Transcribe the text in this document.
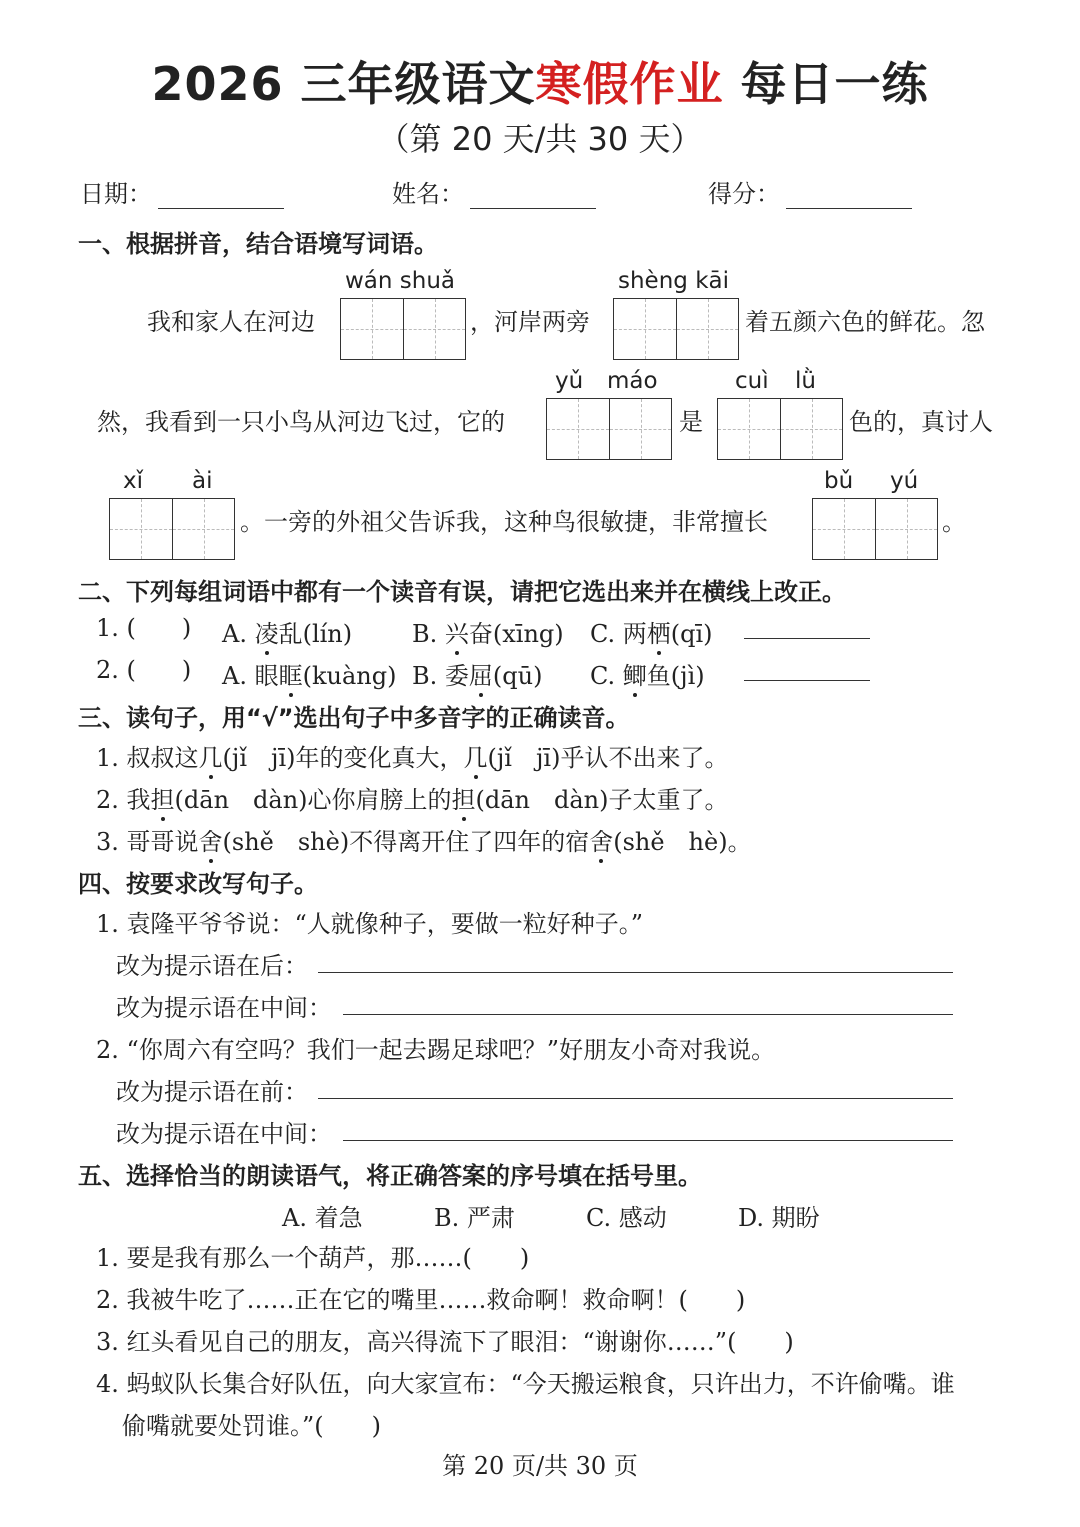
2026 三年级语文寒假作业 每日一练
（第 20 天/共 30 天）
日期：	姓名：	得分：
一、根据拼音，结合语境写词语。
wán shuǎ	shèng kāi
我和家人在河边	，河岸两旁	着五颜六色的鲜花。忽
yǔ máo	cuì lǜ
然，我看到一只小鸟从河边飞过，它的	是	色的，真讨人
xǐ ài	bǔ yú
。一旁的外祖父告诉我，这种鸟很敏捷，非常擅长	。
二、下列每组词语中都有一个读音有误，请把它选出来并在横线上改正。
1. ( ) A. 凌乱(lín) B. 兴奋(xīng) C. 两栖(qī)
2. ( ) A. 眼眶(kuàng) B. 委屈(qū) C. 鲫鱼(jì)
三、读句子，用“√”选出句子中多音字的正确读音。
1. 叔叔这几(jǐ　jī)年的变化真大，几(jǐ　jī)乎认不出来了。
2. 我担(dān　dàn)心你肩膀上的担(dān　dàn)子太重了。
3. 哥哥说舍(shě　shè)不得离开住了四年的宿舍(shě　hè)。
四、按要求改写句子。
1. 袁隆平爷爷说：“人就像种子，要做一粒好种子。”
改为提示语在后：
改为提示语在中间：
2. “你周六有空吗？我们一起去踢足球吧？”好朋友小奇对我说。
改为提示语在前：
改为提示语在中间：
五、选择恰当的朗读语气，将正确答案的序号填在括号里。
A. 着急	B. 严肃	C. 感动	D. 期盼
1. 要是我有那么一个葫芦，那……(　　)
2. 我被牛吃了……正在它的嘴里……救命啊！救命啊！(　　)
3. 红头看见自己的朋友，高兴得流下了眼泪：“谢谢你……”(　　)
4. 蚂蚁队长集合好队伍，向大家宣布：“今天搬运粮食，只许出力，不许偷嘴。谁
偷嘴就要处罚谁。”(　　)
第 20 页/共 30 页
